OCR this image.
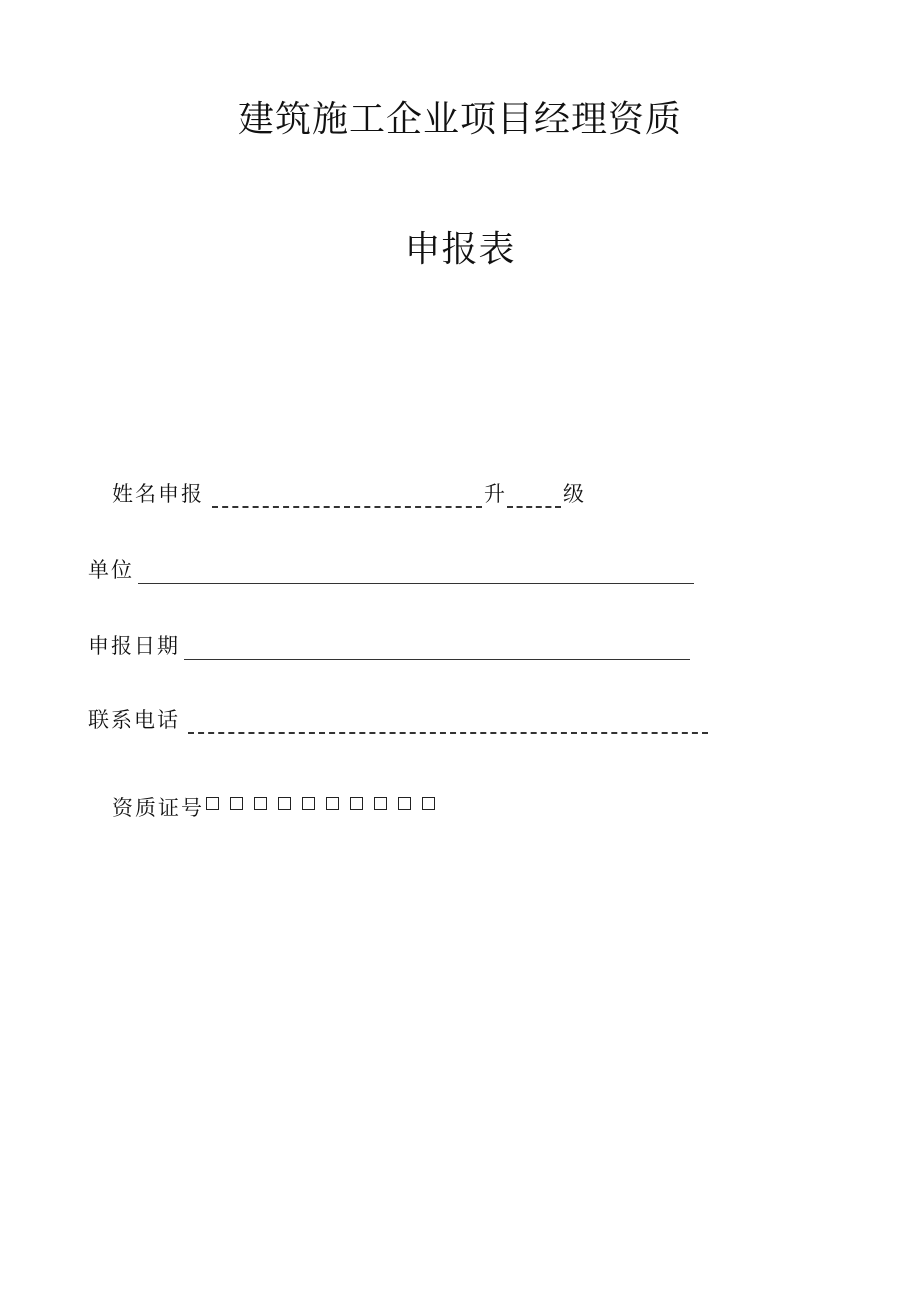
建筑施工企业项目经理资质
申报表
姓名申报	升	级
单位
申报日期
联系电话
资质证号
